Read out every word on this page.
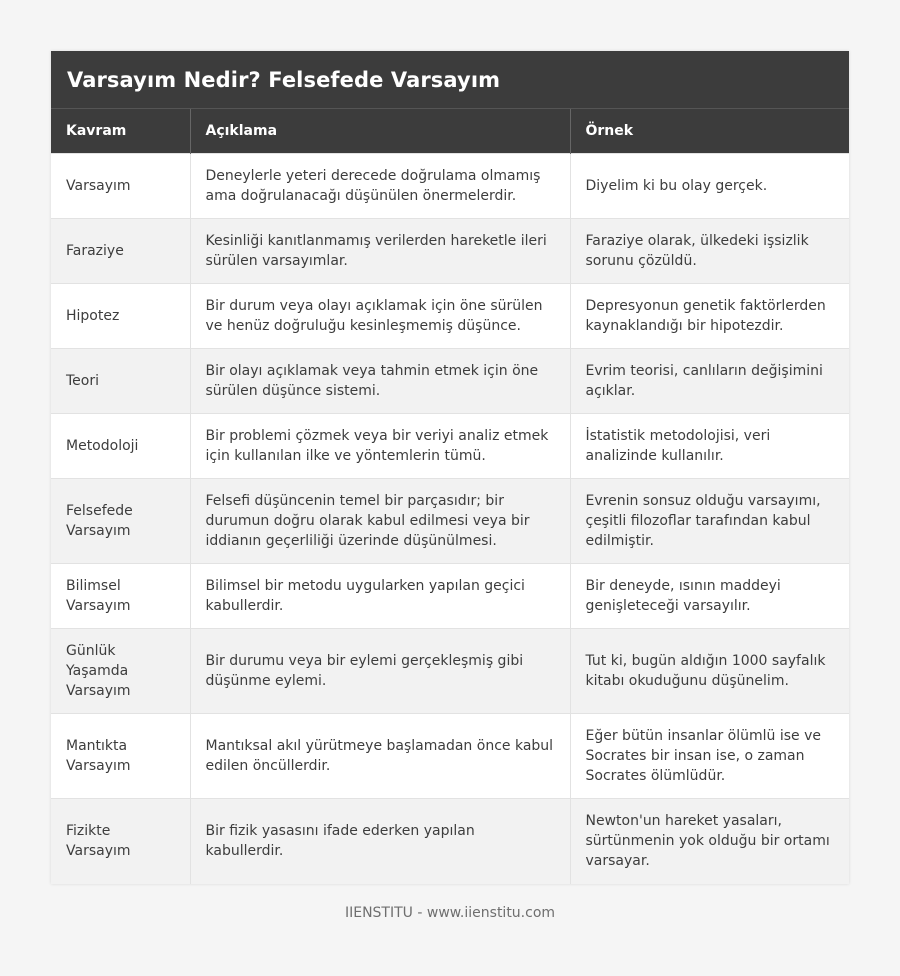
Varsayım Nedir? Felsefede Varsayım
Kavram	Açıklama	Örnek
Varsayım	Deneylerle yeteri derecede doğrulama olmamış ama doğrulanacağı düşünülen önermelerdir.	Diyelim ki bu olay gerçek.
Faraziye	Kesinliği kanıtlanmamış verilerden hareketle ileri sürülen varsayımlar.	Faraziye olarak, ülkedeki işsizlik sorunu çözüldü.
Hipotez	Bir durum veya olayı açıklamak için öne sürülen ve henüz doğruluğu kesinleşmemiş düşünce.	Depresyonun genetik faktörlerden kaynaklandığı bir hipotezdir.
Teori	Bir olayı açıklamak veya tahmin etmek için öne sürülen düşünce sistemi.	Evrim teorisi, canlıların değişimini açıklar.
Metodoloji	Bir problemi çözmek veya bir veriyi analiz etmek için kullanılan ilke ve yöntemlerin tümü.	İstatistik metodolojisi, veri analizinde kullanılır.
Felsefede Varsayım	Felsefi düşüncenin temel bir parçasıdır; bir durumun doğru olarak kabul edilmesi veya bir iddianın geçerliliği üzerinde düşünülmesi.	Evrenin sonsuz olduğu varsayımı, çeşitli filozoflar tarafından kabul edilmiştir.
Bilimsel Varsayım	Bilimsel bir metodu uygularken yapılan geçici kabullerdir.	Bir deneyde, ısının maddeyi genişleteceği varsayılır.
Günlük Yaşamda Varsayım	Bir durumu veya bir eylemi gerçekleşmiş gibi düşünme eylemi.	Tut ki, bugün aldığın 1000 sayfalık kitabı okuduğunu düşünelim.
Mantıkta Varsayım	Mantıksal akıl yürütmeye başlamadan önce kabul edilen öncüllerdir.	Eğer bütün insanlar ölümlü ise ve Socrates bir insan ise, o zaman Socrates ölümlüdür.
Fizikte Varsayım	Bir fizik yasasını ifade ederken yapılan kabullerdir.	Newton'un hareket yasaları, sürtünmenin yok olduğu bir ortamı varsayar.
IIENSTITU - www.iienstitu.com
